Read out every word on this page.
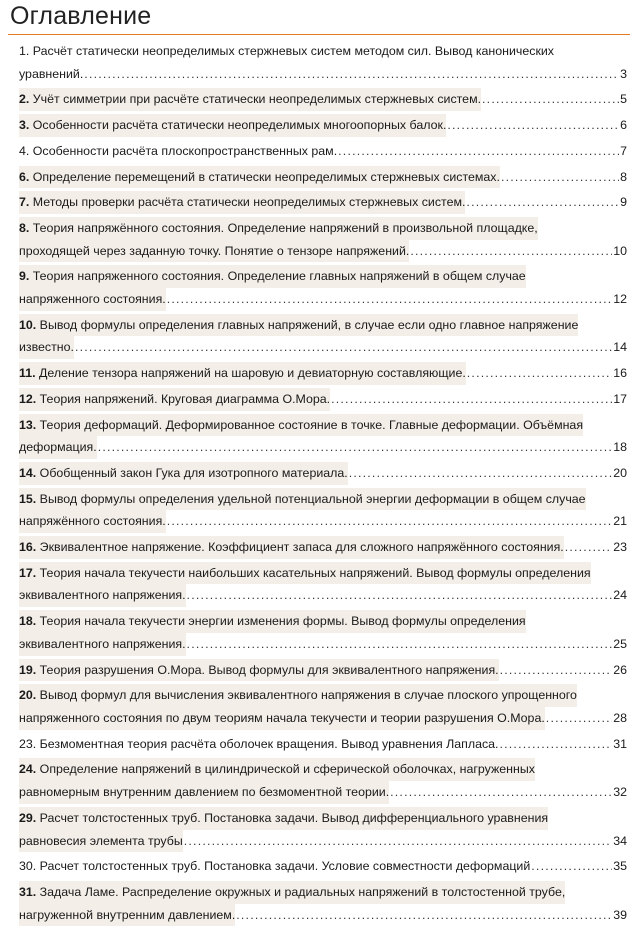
Оглавление
1. Расчёт статически неопределимых стержневых систем методом сил. Вывод канонических
уравнений. .....	3
2. Учёт симметрии при расчёте статически неопределимых стержневых систем. .....	5
3. Особенности расчёта статически неопределимых многоопорных балок. .....	6
4. Особенности расчёта плоскопространственных рам. .....	7
6. Определение перемещений в статически неопределимых стержневых системах. .....	8
7. Методы проверки расчёта статически неопределимых стержневых систем. .....	9
8. Теория напряжённого состояния. Определение напряжений в произвольной площадке,
проходящей через заданную точку. Понятие о тензоре напряжений. .....	10
9. Теория напряженного состояния. Определение главных напряжений в общем случае
напряженного состояния. .....	12
10. Вывод формулы определения главных напряжений, в случае если одно главное напряжение
известно. .....	14
11. Деление тензора напряжений на шаровую и девиаторную составляющие. .....	16
12. Теория напряжений. Круговая диаграмма О.Мора. .....	17
13. Теория деформаций. Деформированное состояние в точке. Главные деформации. Объёмная
деформация. .....	18
14. Обобщенный закон Гука для изотропного материала. .....	20
15. Вывод формулы определения удельной потенциальной энергии деформации в общем случае
напряжённого состояния. .....	21
16. Эквивалентное напряжение. Коэффициент запаса для сложного напряжённого состояния. .....	23
17. Теория начала текучести наибольших касательных напряжений. Вывод формулы определения
эквивалентного напряжения. .....	24
18. Теория начала текучести энергии изменения формы. Вывод формулы определения
эквивалентного напряжения. .....	25
19. Теория разрушения О.Мора. Вывод формулы для эквивалентного напряжения. .....	26
20. Вывод формул для вычисления эквивалентного напряжения в случае плоского упрощенного
напряженного состояния по двум теориям начала текучести и теории разрушения О.Мора. .....	28
23. Безмоментная теория расчёта оболочек вращения. Вывод уравнения Лапласа. .....	31
24. Определение напряжений в цилиндрической и сферической оболочках, нагруженных
равномерным внутренним давлением по безмоментной теории. .....	32
29. Расчет толстостенных труб. Постановка задачи. Вывод дифференциального уравнения
равновесия элемента трубы .....	34
30. Расчет толстостенных труб. Постановка задачи. Условие совместности деформаций .....	35
31. Задача Ламе. Распределение окружных и радиальных напряжений в толстостенной трубе,
нагруженной внутренним давлением. .....	39
